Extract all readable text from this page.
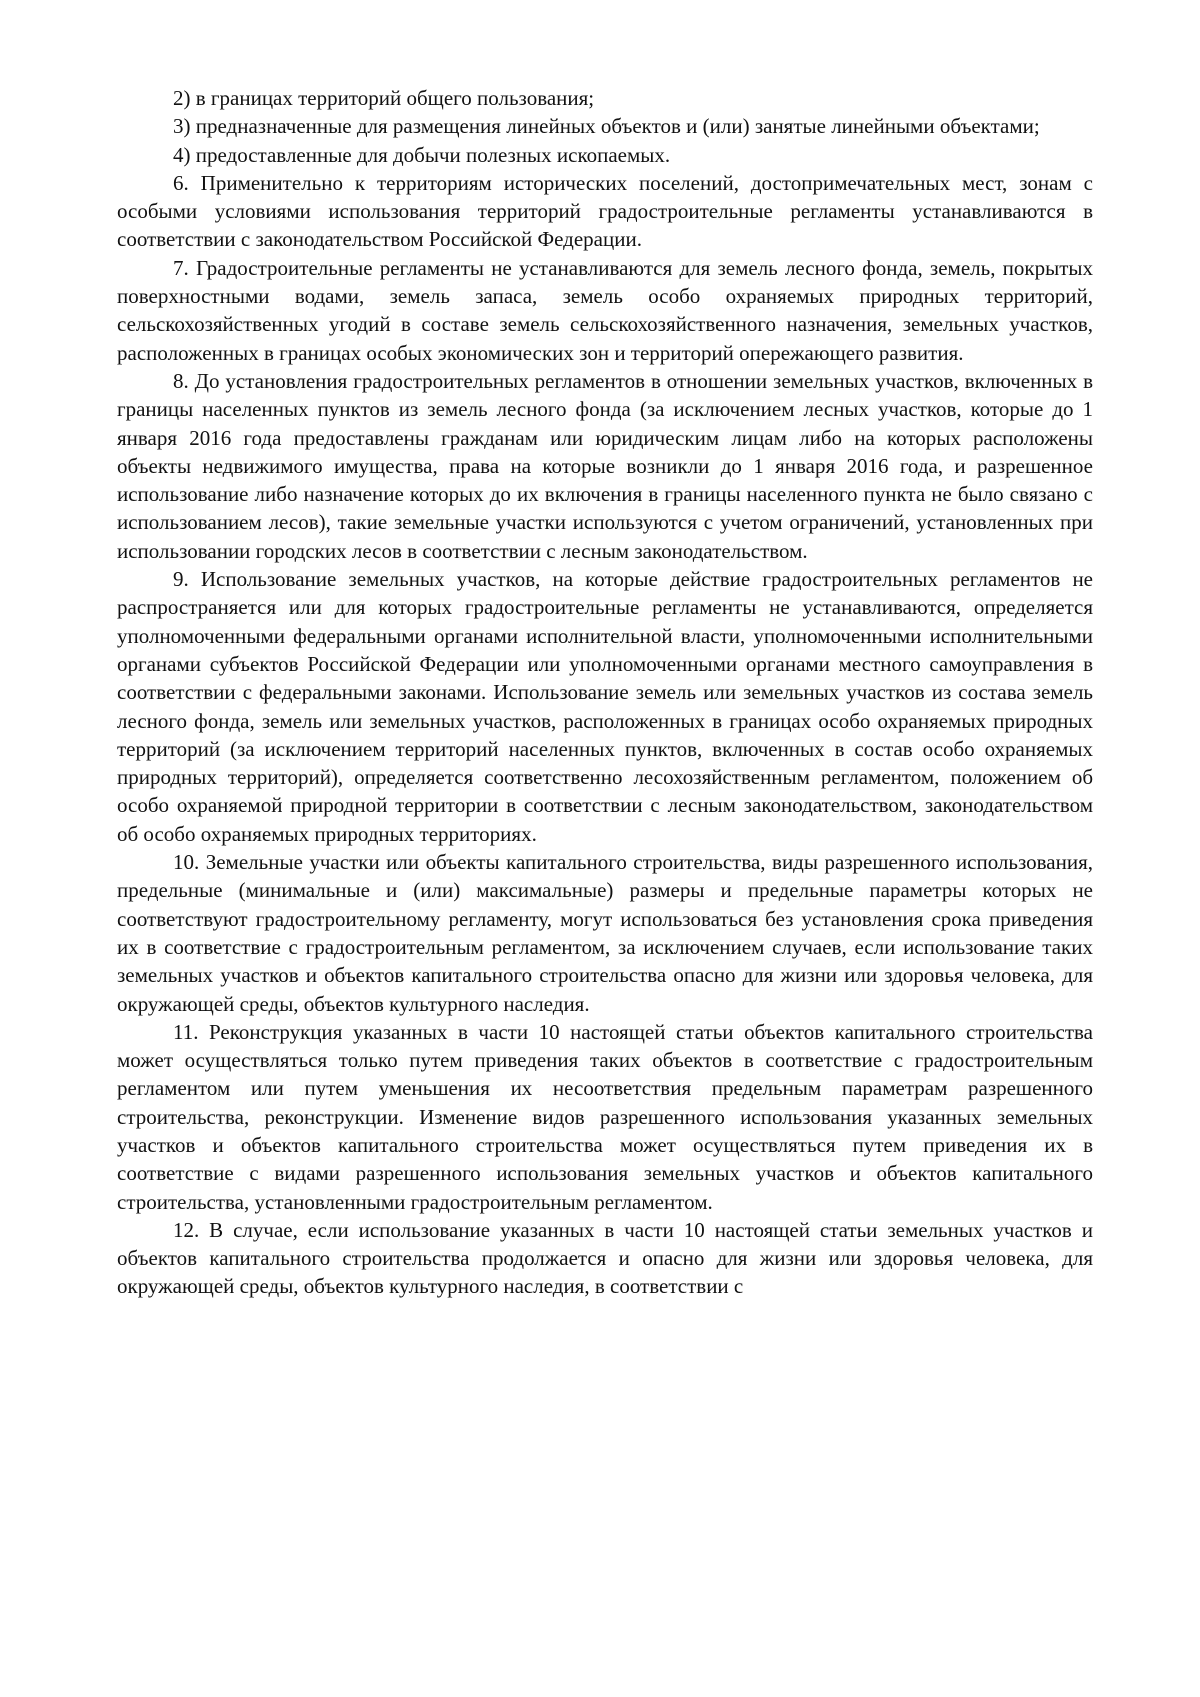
2) в границах территорий общего пользования;

3) предназначенные для размещения линейных объектов и (или) занятые линейными объектами;

4) предоставленные для добычи полезных ископаемых.

6. Применительно к территориям исторических поселений, достопримечательных мест, зонам с особыми условиями использования территорий градостроительные регламенты устанавливаются в соответствии с законодательством Российской Федерации.

7. Градостроительные регламенты не устанавливаются для земель лесного фонда, земель, покрытых поверхностными водами, земель запаса, земель особо охраняемых природных территорий, сельскохозяйственных угодий в составе земель сельскохозяйственного назначения, земельных участков, расположенных в границах особых экономических зон и территорий опережающего развития.

8. До установления градостроительных регламентов в отношении земельных участков, включенных в границы населенных пунктов из земель лесного фонда (за исключением лесных участков, которые до 1 января 2016 года предоставлены гражданам или юридическим лицам либо на которых расположены объекты недвижимого имущества, права на которые возникли до 1 января 2016 года, и разрешенное использование либо назначение которых до их включения в границы населенного пункта не было связано с использованием лесов), такие земельные участки используются с учетом ограничений, установленных при использовании городских лесов в соответствии с лесным законодательством.

9. Использование земельных участков, на которые действие градостроительных регламентов не распространяется или для которых градостроительные регламенты не устанавливаются, определяется уполномоченными федеральными органами исполнительной власти, уполномоченными исполнительными органами субъектов Российской Федерации или уполномоченными органами местного самоуправления в соответствии с федеральными законами. Использование земель или земельных участков из состава земель лесного фонда, земель или земельных участков, расположенных в границах особо охраняемых природных территорий (за исключением территорий населенных пунктов, включенных в состав особо охраняемых природных территорий), определяется соответственно лесохозяйственным регламентом, положением об особо охраняемой природной территории в соответствии с лесным законодательством, законодательством об особо охраняемых природных территориях.

10. Земельные участки или объекты капитального строительства, виды разрешенного использования, предельные (минимальные и (или) максимальные) размеры и предельные параметры которых не соответствуют градостроительному регламенту, могут использоваться без установления срока приведения их в соответствие с градостроительным регламентом, за исключением случаев, если использование таких земельных участков и объектов капитального строительства опасно для жизни или здоровья человека, для окружающей среды, объектов культурного наследия.

11. Реконструкция указанных в части 10 настоящей статьи объектов капитального строительства может осуществляться только путем приведения таких объектов в соответствие с градостроительным регламентом или путем уменьшения их несоответствия предельным параметрам разрешенного строительства, реконструкции. Изменение видов разрешенного использования указанных земельных участков и объектов капитального строительства может осуществляться путем приведения их в соответствие с видами разрешенного использования земельных участков и объектов капитального строительства, установленными градостроительным регламентом.

12. В случае, если использование указанных в части 10 настоящей статьи земельных участков и объектов капитального строительства продолжается и опасно для жизни или здоровья человека, для окружающей среды, объектов культурного наследия, в соответствии с
